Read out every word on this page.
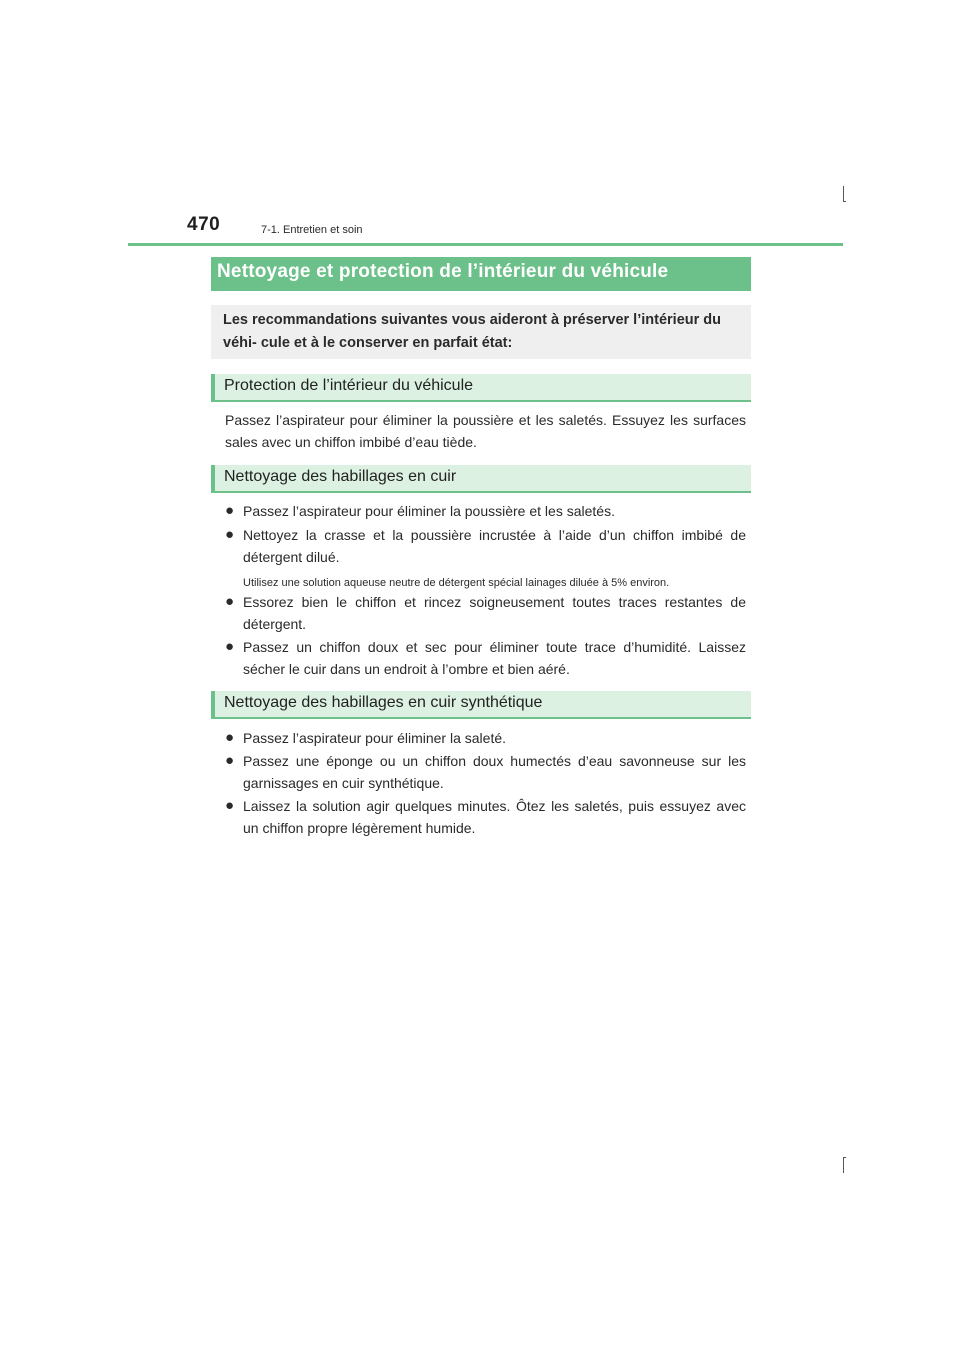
470	7-1. Entretien et soin
Nettoyage et protection de l’intérieur du véhicule
Les recommandations suivantes vous aideront à préserver l’intérieur du véhi- cule et à le conserver en parfait état:
Protection de l’intérieur du véhicule
Passez l’aspirateur pour éliminer la poussière et les saletés. Essuyez les surfaces sales avec un chiffon imbibé d’eau tiède.
Nettoyage des habillages en cuir
● Passez l’aspirateur pour éliminer la poussière et les saletés.
● Nettoyez la crasse et la poussière incrustée à l’aide d’un chiffon imbibé de détergent dilué.
Utilisez une solution aqueuse neutre de détergent spécial lainages diluée à 5% environ.
● Essorez bien le chiffon et rincez soigneusement toutes traces restantes de détergent.
● Passez un chiffon doux et sec pour éliminer toute trace d’humidité. Laissez sécher le cuir dans un endroit à l’ombre et bien aéré.
Nettoyage des habillages en cuir synthétique
● Passez l’aspirateur pour éliminer la saleté.
● Passez une éponge ou un chiffon doux humectés d’eau savonneuse sur les garnissages en cuir synthétique.
● Laissez la solution agir quelques minutes. Ôtez les saletés, puis essuyez avec un chiffon propre légèrement humide.
